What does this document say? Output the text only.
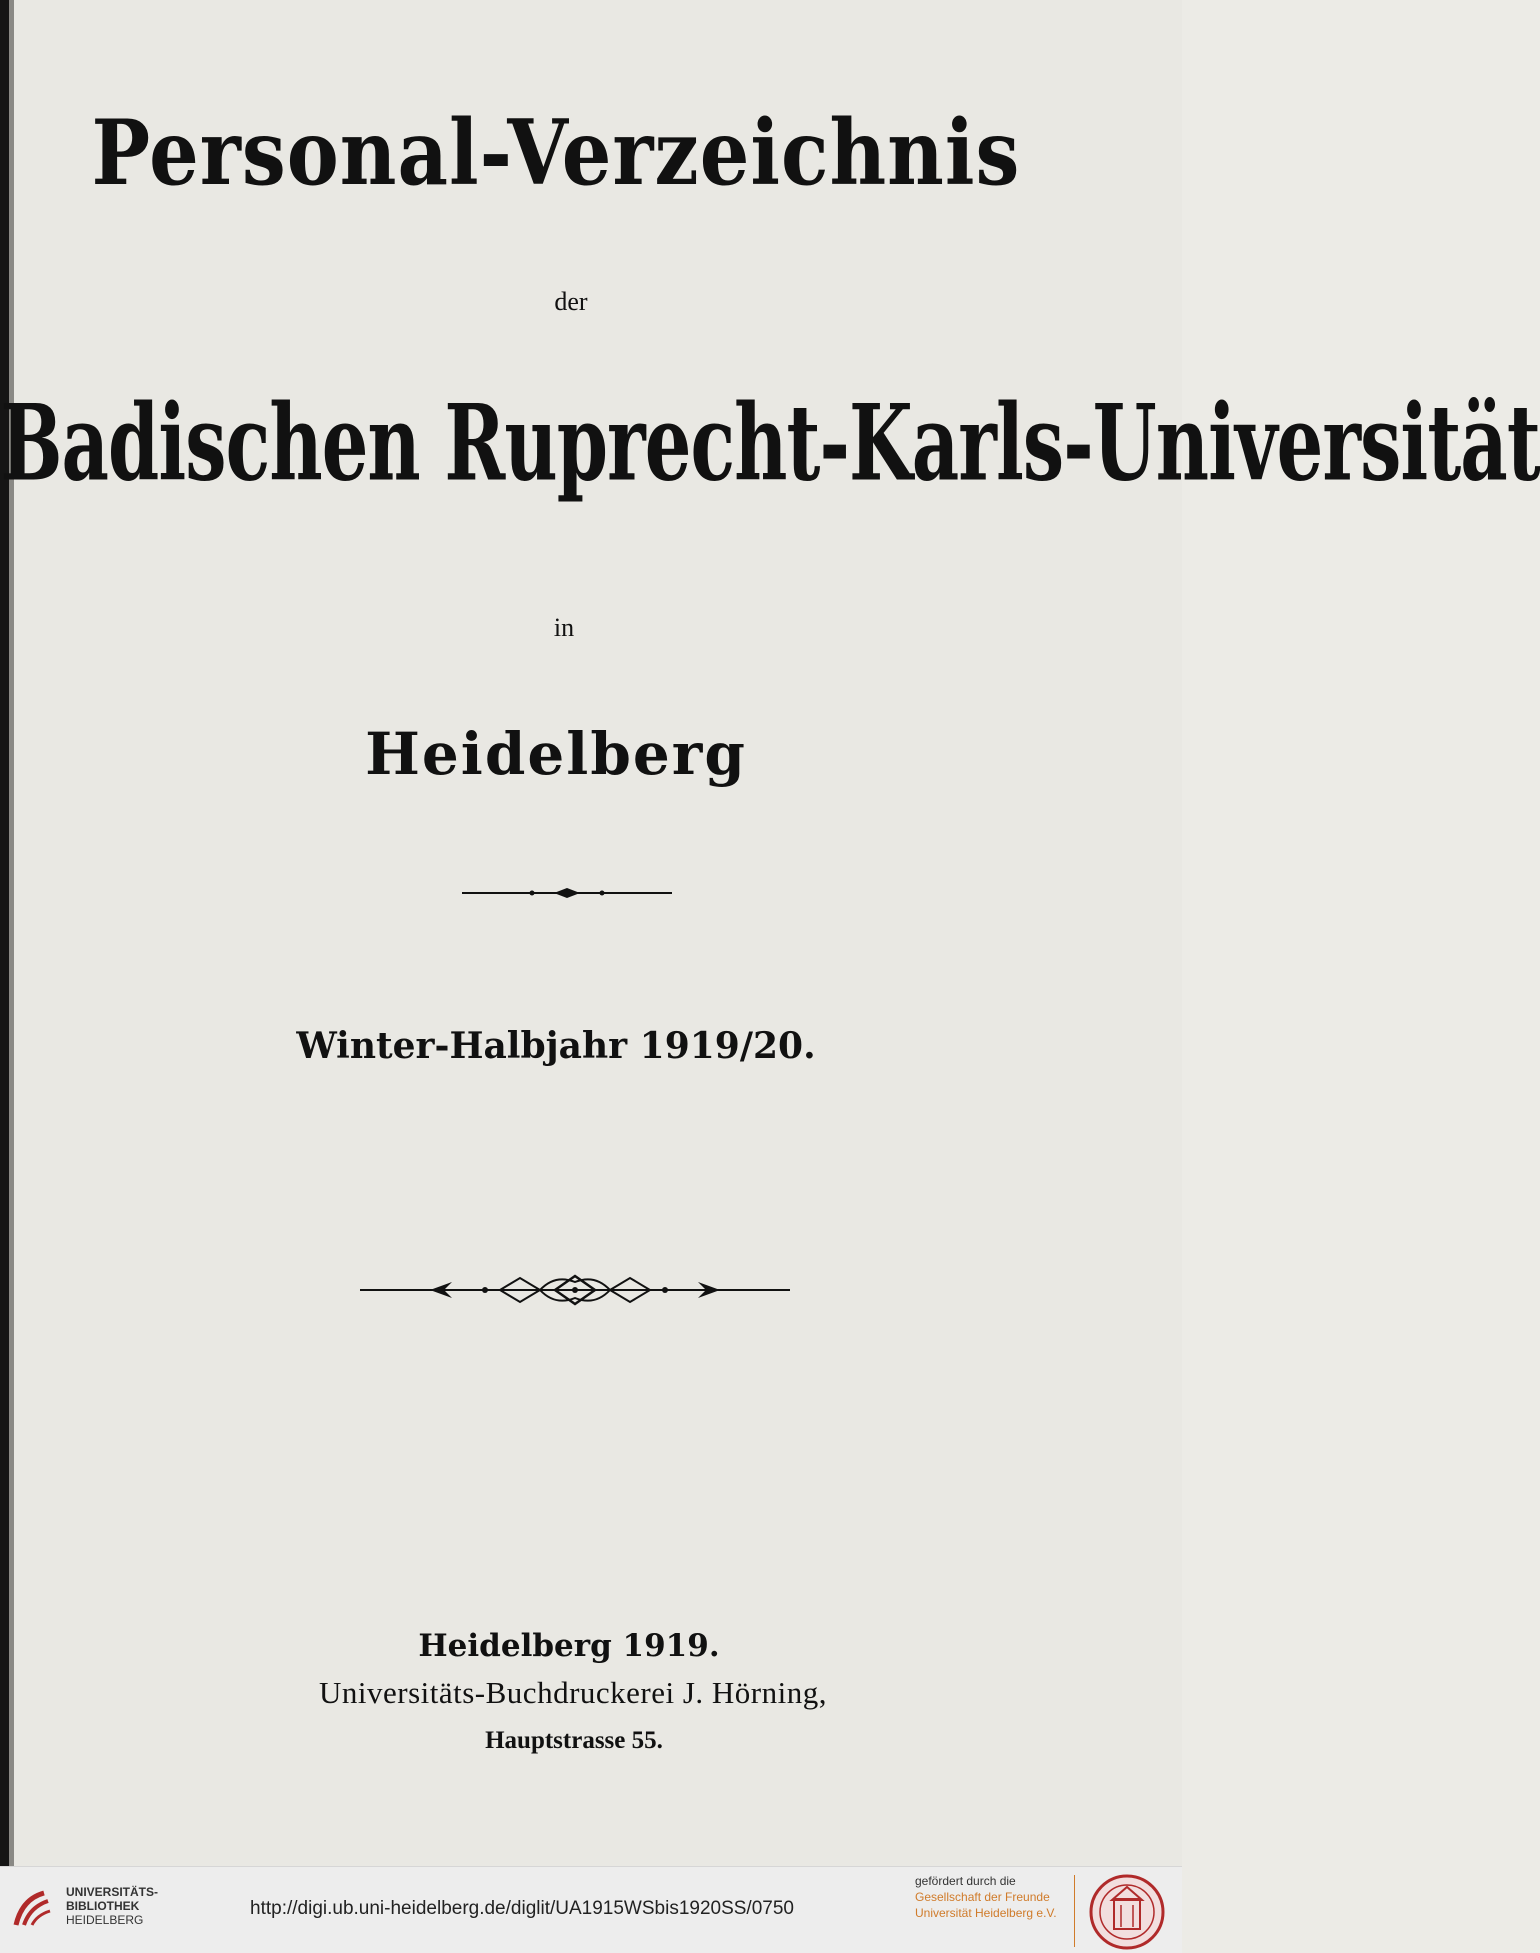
Personal-Verzeichnis
der
Badischen Ruprecht-Karls-Universität
in
Heidelberg
Winter-Halbjahr 1919/20.
Heidelberg 1919.
Universitäts-Buchdruckerei J. Hörning,
Hauptstrasse 55.
UNIVERSITÄTS-
BIBLIOTHEK
HEIDELBERG
http://digi.ub.uni-heidelberg.de/diglit/UA1915WSbis1920SS/0750
gefördert durch die
Gesellschaft der Freunde
Universität Heidelberg e.V.
